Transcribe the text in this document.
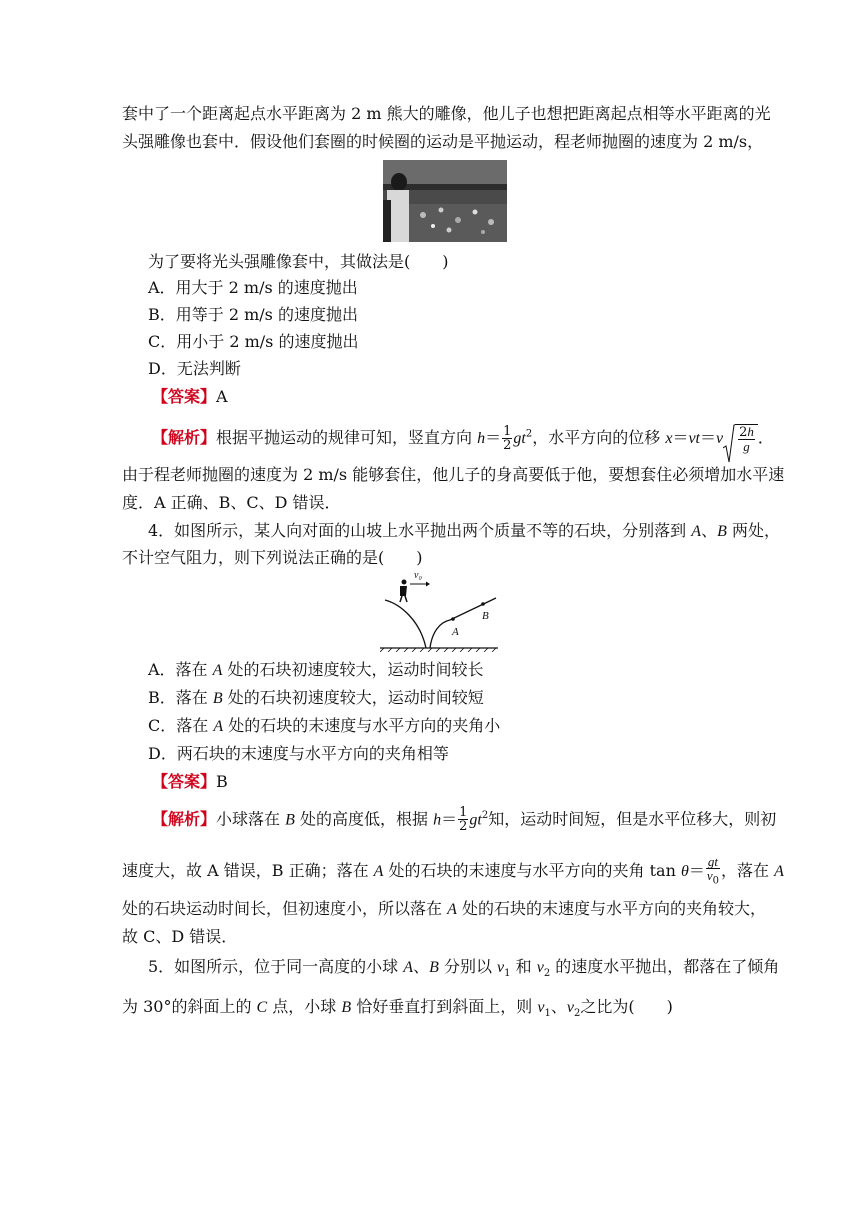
套中了一个距离起点水平距离为 2 m 熊大的雕像，他儿子也想把距离起点相等水平距离的光
头强雕像也套中．假设他们套圈的时候圈的运动是平抛运动，程老师抛圈的速度为 2 m/s，
为了要将光头强雕像套中，其做法是(　　)
A．用大于 2 m/s 的速度抛出
B．用等于 2 m/s 的速度抛出
C．用小于 2 m/s 的速度抛出
D．无法判断
【答案】A
【解析】根据平抛运动的规律可知，竖直方向 $h= \frac{1}{2} gt^2$，水平方向的位移 $x=vt=v \frac{2h}{g}$ ．
由于程老师抛圈的速度为 2 m/s 能够套住，他儿子的身高要低于他，要想套住必须增加水平速
度．A 正确、B、C、D 错误．
4．如图所示，某人向对面的山坡上水平抛出两个质量不等的石块，分别落到 A、B 两处，
不计空气阻力，则下列说法正确的是(　　)
v₀
A
B
A．落在 A 处的石块初速度较大，运动时间较长
B．落在 B 处的石块初速度较大，运动时间较短
C．落在 A 处的石块的末速度与水平方向的夹角小
D．两石块的末速度与水平方向的夹角相等
【答案】B
【解析】小球落在 B 处的高度低，根据 $h= \frac{1}{2} gt^2$知，运动时间短，但是水平位移大，则初
速度大，故 A 错误，B 正确；落在 A 处的石块的末速度与水平方向的夹角 $\tan \theta= \frac{gt}{v_0}$ ，落在 A
处的石块运动时间长，但初速度小，所以落在 A 处的石块的末速度与水平方向的夹角较大，
故 C、D 错误．
5．如图所示，位于同一高度的小球 A、B 分别以 $v_1$ 和 $v_2$ 的速度水平抛出，都落在了倾角
为 30°的斜面上的 C 点，小球 B 恰好垂直打到斜面上，则 $v_1$、$v_2$之比为(　　)
